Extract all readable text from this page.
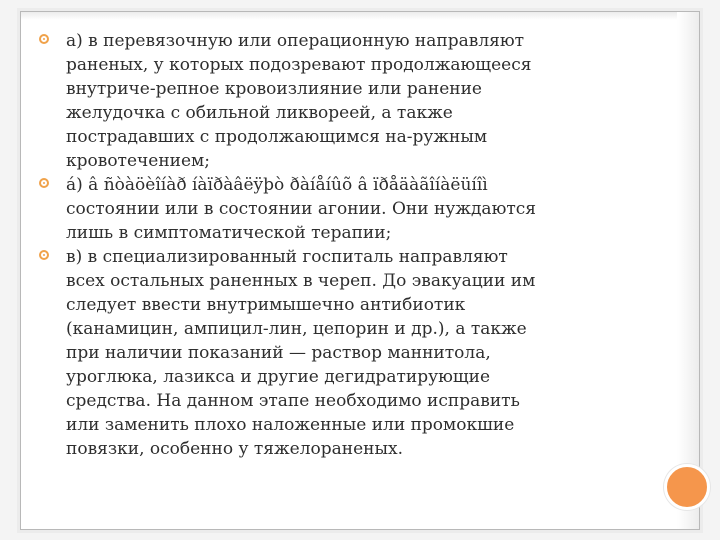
а) в перевязочную или операционную направляют
раненых, у которых подозревают продолжающееся
внутриче-репное кровоизлияние или ранение
желудочка с обильной ликвореей, а также
пострадавших с продолжающимся на-ружным
кровотечением;
á) â ñòàöèîíàð íàïðàâëÿþò ðàíåíûõ â ïðåäàãîíàëüíîì
состоянии или в состоянии агонии. Они нуждаются
лишь в симптоматической терапии;
в) в специализированный госпиталь направляют
всех остальных раненных в череп. До эвакуации им
следует ввести внутримышечно антибиотик
(канамицин, ампицил-лин, цепорин и др.), а также
при наличии показаний — раствор маннитола,
уроглюка, лазикса и другие дегидратирующие
средства. На данном этапе необходимо исправить
или заменить плохо наложенные или промокшие
повязки, особенно у тяжелораненых.
